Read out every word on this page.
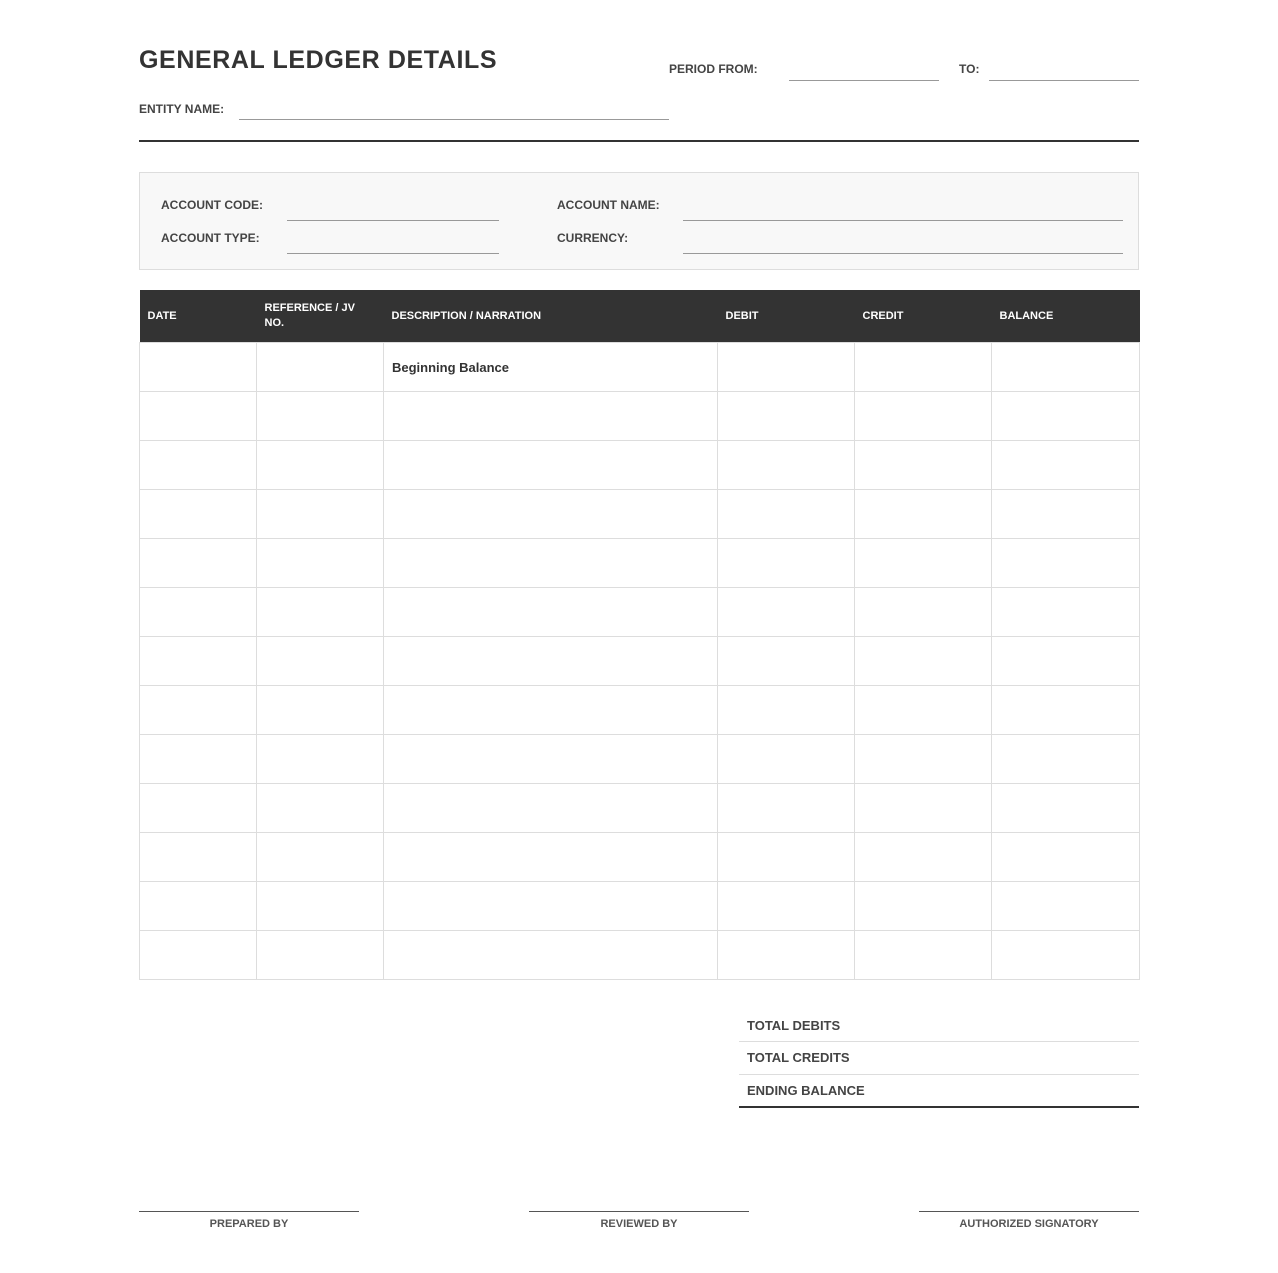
GENERAL LEDGER DETAILS	PERIOD FROM:	TO:
ENTITY NAME:
ACCOUNT CODE:	ACCOUNT NAME:
ACCOUNT TYPE:	CURRENCY:
DATE	REFERENCE / JV NO.	DESCRIPTION / NARRATION	DEBIT	CREDIT	BALANCE
		Beginning Balance			

TOTAL DEBITS
TOTAL CREDITS
ENDING BALANCE
PREPARED BY	REVIEWED BY	AUTHORIZED SIGNATORY
